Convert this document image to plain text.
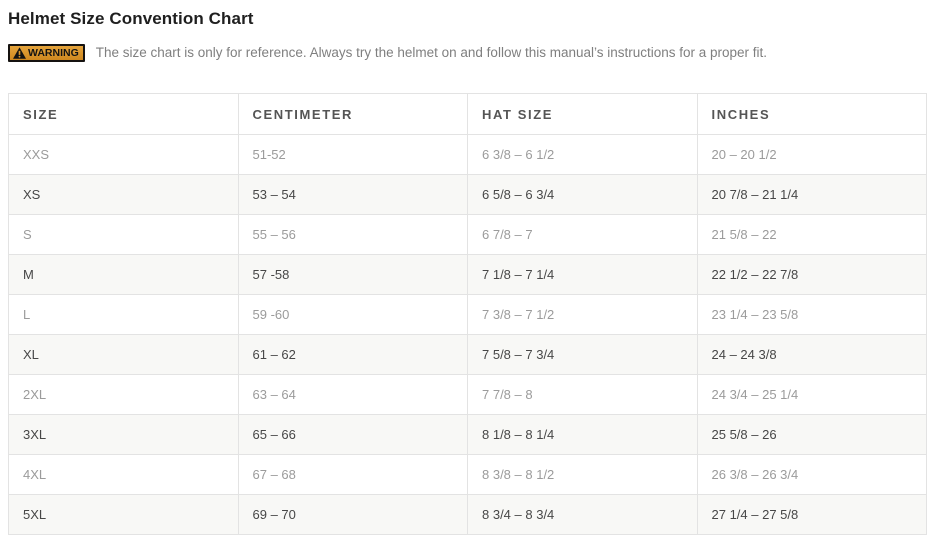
Helmet Size Convention Chart
WARNING The size chart is only for reference. Always try the helmet on and follow this manual’s instructions for a proper fit.
SIZE	CENTIMETER	HAT SIZE	INCHES
XXS	51-52	6 3/8 – 6 1/2	20 – 20 1/2
XS	53 – 54	6 5/8 – 6 3/4	20 7/8 – 21 1/4
S	55 – 56	6 7/8 – 7	21 5/8 – 22
M	57 -58	7 1/8 – 7 1/4	22 1/2 – 22 7/8
L	59 -60	7 3/8 – 7 1/2	23 1/4 – 23 5/8
XL	61 – 62	7 5/8 – 7 3/4	24 – 24 3/8
2XL	63 – 64	7 7/8 – 8	24 3/4 – 25 1/4
3XL	65 – 66	8 1/8 – 8 1/4	25 5/8 – 26
4XL	67 – 68	8 3/8 – 8 1/2	26 3/8 – 26 3/4
5XL	69 – 70	8 3/4 – 8 3/4	27 1/4 – 27 5/8
